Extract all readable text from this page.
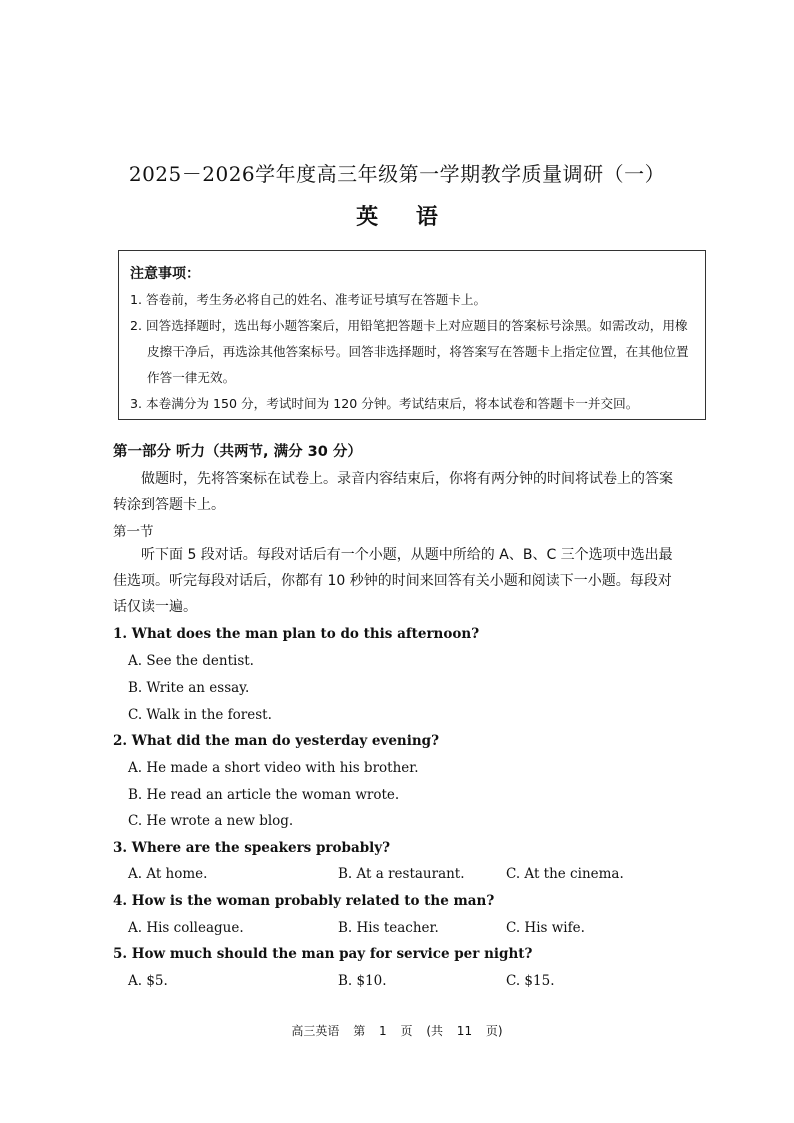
2025－2026学年度高三年级第一学期教学质量调研（一）
英 语
注意事项：
1. 答卷前，考生务必将自己的姓名、准考证号填写在答题卡上。
2. 回答选择题时，选出每小题答案后，用铅笔把答题卡上对应题目的答案标号涂黑。如需改动，用橡皮擦干净后，再选涂其他答案标号。回答非选择题时，将答案写在答题卡上指定位置，在其他位置作答一律无效。
3. 本卷满分为 150 分，考试时间为 120 分钟。考试结束后，将本试卷和答题卡一并交回。
第一部分 听力（共两节, 满分 30 分）
做题时，先将答案标在试卷上。录音内容结束后，你将有两分钟的时间将试卷上的答案转涂到答题卡上。
第一节
听下面 5 段对话。每段对话后有一个小题，从题中所给的 A、B、C 三个选项中选出最佳选项。听完每段对话后，你都有 10 秒钟的时间来回答有关小题和阅读下一小题。每段对话仅读一遍。
1. What does the man plan to do this afternoon?
A. See the dentist.
B. Write an essay.
C. Walk in the forest.
2. What did the man do yesterday evening?
A. He made a short video with his brother.
B. He read an article the woman wrote.
C. He wrote a new blog.
3. Where are the speakers probably?
A. At home.	B. At a restaurant.	C. At the cinema.
4. How is the woman probably related to the man?
A. His colleague.	B. His teacher.	C. His wife.
5. How much should the man pay for service per night?
A. $5.	B. $10.	C. $15.
高三英语 第 1 页 (共 11 页)
